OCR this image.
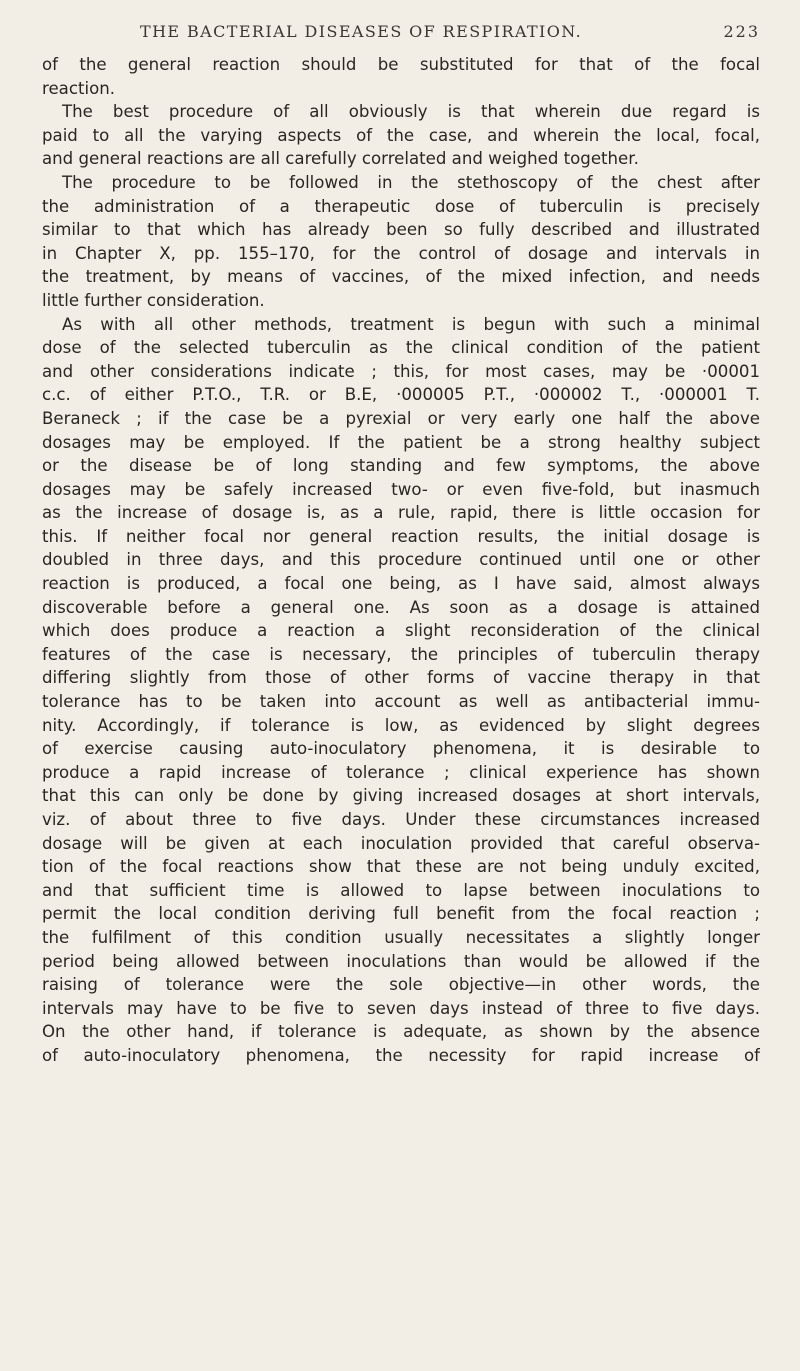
THE BACTERIAL DISEASES OF RESPIRATION.	223
of the general reaction should be substituted for that of the focal
reaction.
The best procedure of all obviously is that wherein due regard is
paid to all the varying aspects of the case, and wherein the local, focal,
and general reactions are all carefully correlated and weighed together.
The procedure to be followed in the stethoscopy of the chest after
the administration of a therapeutic dose of tuberculin is precisely
similar to that which has already been so fully described and illustrated
in Chapter X, pp. 155–170, for the control of dosage and intervals in
the treatment, by means of vaccines, of the mixed infection, and needs
little further consideration.
As with all other methods, treatment is begun with such a minimal
dose of the selected tuberculin as the clinical condition of the patient
and other considerations indicate ; this, for most cases, may be ·00001
c.c. of either P.T.O., T.R. or B.E, ·000005 P.T., ·000002 T., ·000001 T.
Beraneck ; if the case be a pyrexial or very early one half the above
dosages may be employed. If the patient be a strong healthy subject
or the disease be of long standing and few symptoms, the above
dosages may be safely increased two- or even five-fold, but inasmuch
as the increase of dosage is, as a rule, rapid, there is little occasion for
this. If neither focal nor general reaction results, the initial dosage is
doubled in three days, and this procedure continued until one or other
reaction is produced, a focal one being, as I have said, almost always
discoverable before a general one. As soon as a dosage is attained
which does produce a reaction a slight reconsideration of the clinical
features of the case is necessary, the principles of tuberculin therapy
differing slightly from those of other forms of vaccine therapy in that
tolerance has to be taken into account as well as antibacterial immu-
nity. Accordingly, if tolerance is low, as evidenced by slight degrees
of exercise causing auto-inoculatory phenomena, it is desirable to
produce a rapid increase of tolerance ; clinical experience has shown
that this can only be done by giving increased dosages at short intervals,
viz. of about three to five days. Under these circumstances increased
dosage will be given at each inoculation provided that careful observa-
tion of the focal reactions show that these are not being unduly excited,
and that sufficient time is allowed to lapse between inoculations to
permit the local condition deriving full benefit from the focal reaction ;
the fulfilment of this condition usually necessitates a slightly longer
period being allowed between inoculations than would be allowed if the
raising of tolerance were the sole objective—in other words, the
intervals may have to be five to seven days instead of three to five days.
On the other hand, if tolerance is adequate, as shown by the absence
of auto-inoculatory phenomena, the necessity for rapid increase of
